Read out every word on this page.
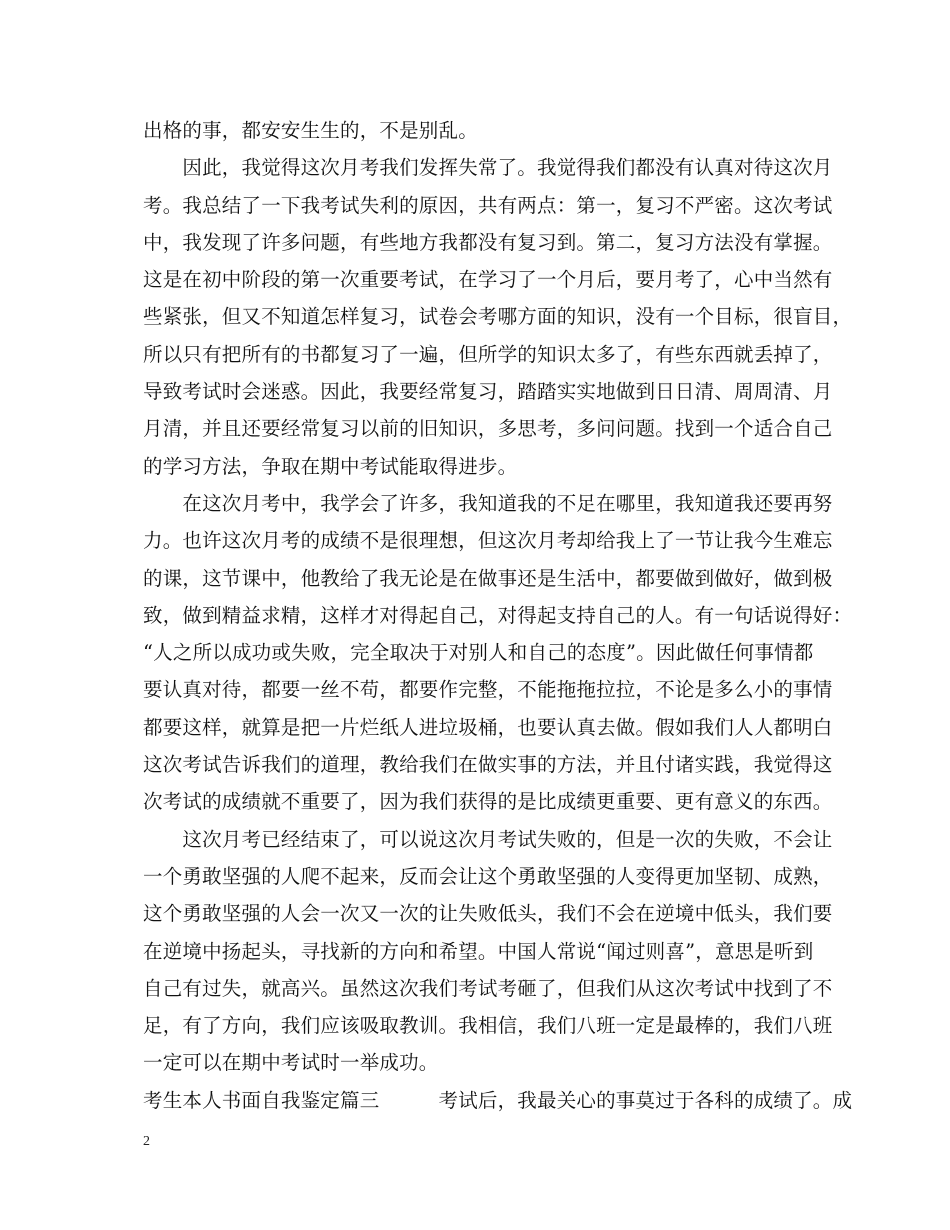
出格的事，都安安生生的，不是别乱。
　　因此，我觉得这次月考我们发挥失常了。我觉得我们都没有认真对待这次月
考。我总结了一下我考试失利的原因，共有两点：第一，复习不严密。这次考试
中，我发现了许多问题，有些地方我都没有复习到。第二，复习方法没有掌握。
这是在初中阶段的第一次重要考试，在学习了一个月后，要月考了，心中当然有
些紧张，但又不知道怎样复习，试卷会考哪方面的知识，没有一个目标，很盲目，
所以只有把所有的书都复习了一遍，但所学的知识太多了，有些东西就丢掉了，
导致考试时会迷惑。因此，我要经常复习，踏踏实实地做到日日清、周周清、月
月清，并且还要经常复习以前的旧知识，多思考，多问问题。找到一个适合自己
的学习方法，争取在期中考试能取得进步。
　　在这次月考中，我学会了许多，我知道我的不足在哪里，我知道我还要再努
力。也许这次月考的成绩不是很理想，但这次月考却给我上了一节让我今生难忘
的课，这节课中，他教给了我无论是在做事还是生活中，都要做到做好，做到极
致，做到精益求精，这样才对得起自己，对得起支持自己的人。有一句话说得好：
“人之所以成功或失败，完全取决于对别人和自己的态度”。因此做任何事情都
要认真对待，都要一丝不苟，都要作完整，不能拖拖拉拉，不论是多么小的事情
都要这样，就算是把一片烂纸人进垃圾桶，也要认真去做。假如我们人人都明白
这次考试告诉我们的道理，教给我们在做实事的方法，并且付诸实践，我觉得这
次考试的成绩就不重要了，因为我们获得的是比成绩更重要、更有意义的东西。
　　这次月考已经结束了，可以说这次月考试失败的，但是一次的失败，不会让
一个勇敢坚强的人爬不起来，反而会让这个勇敢坚强的人变得更加坚韧、成熟，
这个勇敢坚强的人会一次又一次的让失败低头，我们不会在逆境中低头，我们要
在逆境中扬起头，寻找新的方向和希望。中国人常说“闻过则喜”，意思是听到
自己有过失，就高兴。虽然这次我们考试考砸了，但我们从这次考试中找到了不
足，有了方向，我们应该吸取教训。我相信，我们八班一定是最棒的，我们八班
一定可以在期中考试时一举成功。
考生本人书面自我鉴定篇三　　　考试后，我最关心的事莫过于各科的成绩了。成
2
